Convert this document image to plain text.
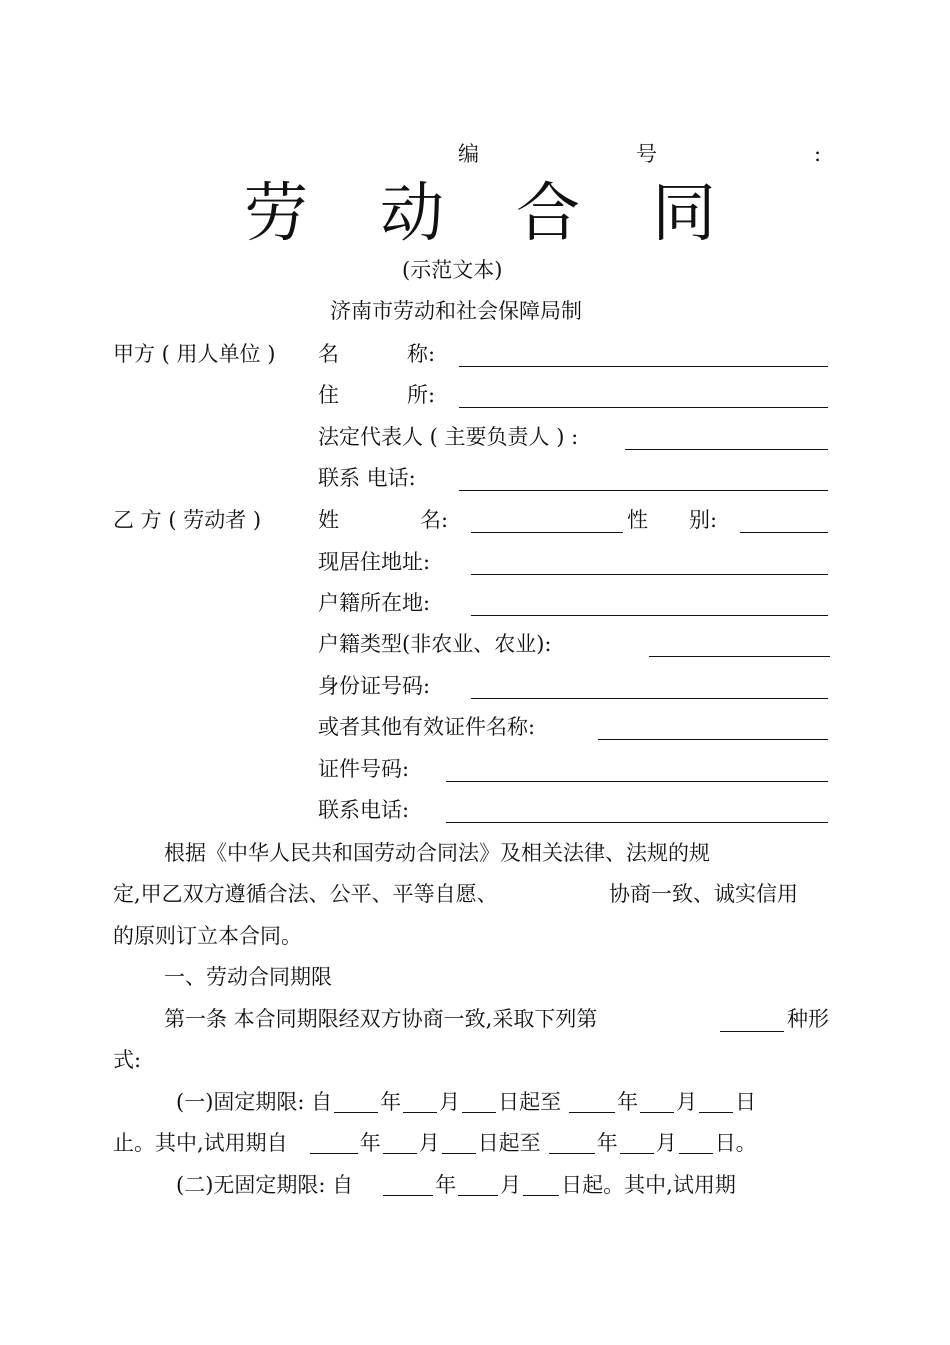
编	号	:
劳 动 合 同
(示范文本)
济南市劳动和社会保障局制
甲方 ( 用人单位 ) 名	称:
住	所:
法定代表人 ( 主要负责人 ) :
联系 电话:
乙 方 ( 劳动者 )	姓	名:	性 别:
现居住地址:
户籍所在地:
户籍类型(非农业、农业):
身份证号码:
或者其他有效证件名称:
证件号码:
联系电话:
根据《中华人民共和国劳动合同法》及相关法律、法规的规
定,甲乙双方遵循合法、公平、平等自愿、	协商一致、诚实信用
的原则订立本合同。
一、劳动合同期限
第一条 本合同期限经双方协商一致,采取下列第	种形
式:
(一)固定期限: 自 年 月 日起至	年 月 日
止。其中,试用期自	年 月 日起至	年 月 日。
(二)无固定期限: 自	年 月 日起。其中,试用期
